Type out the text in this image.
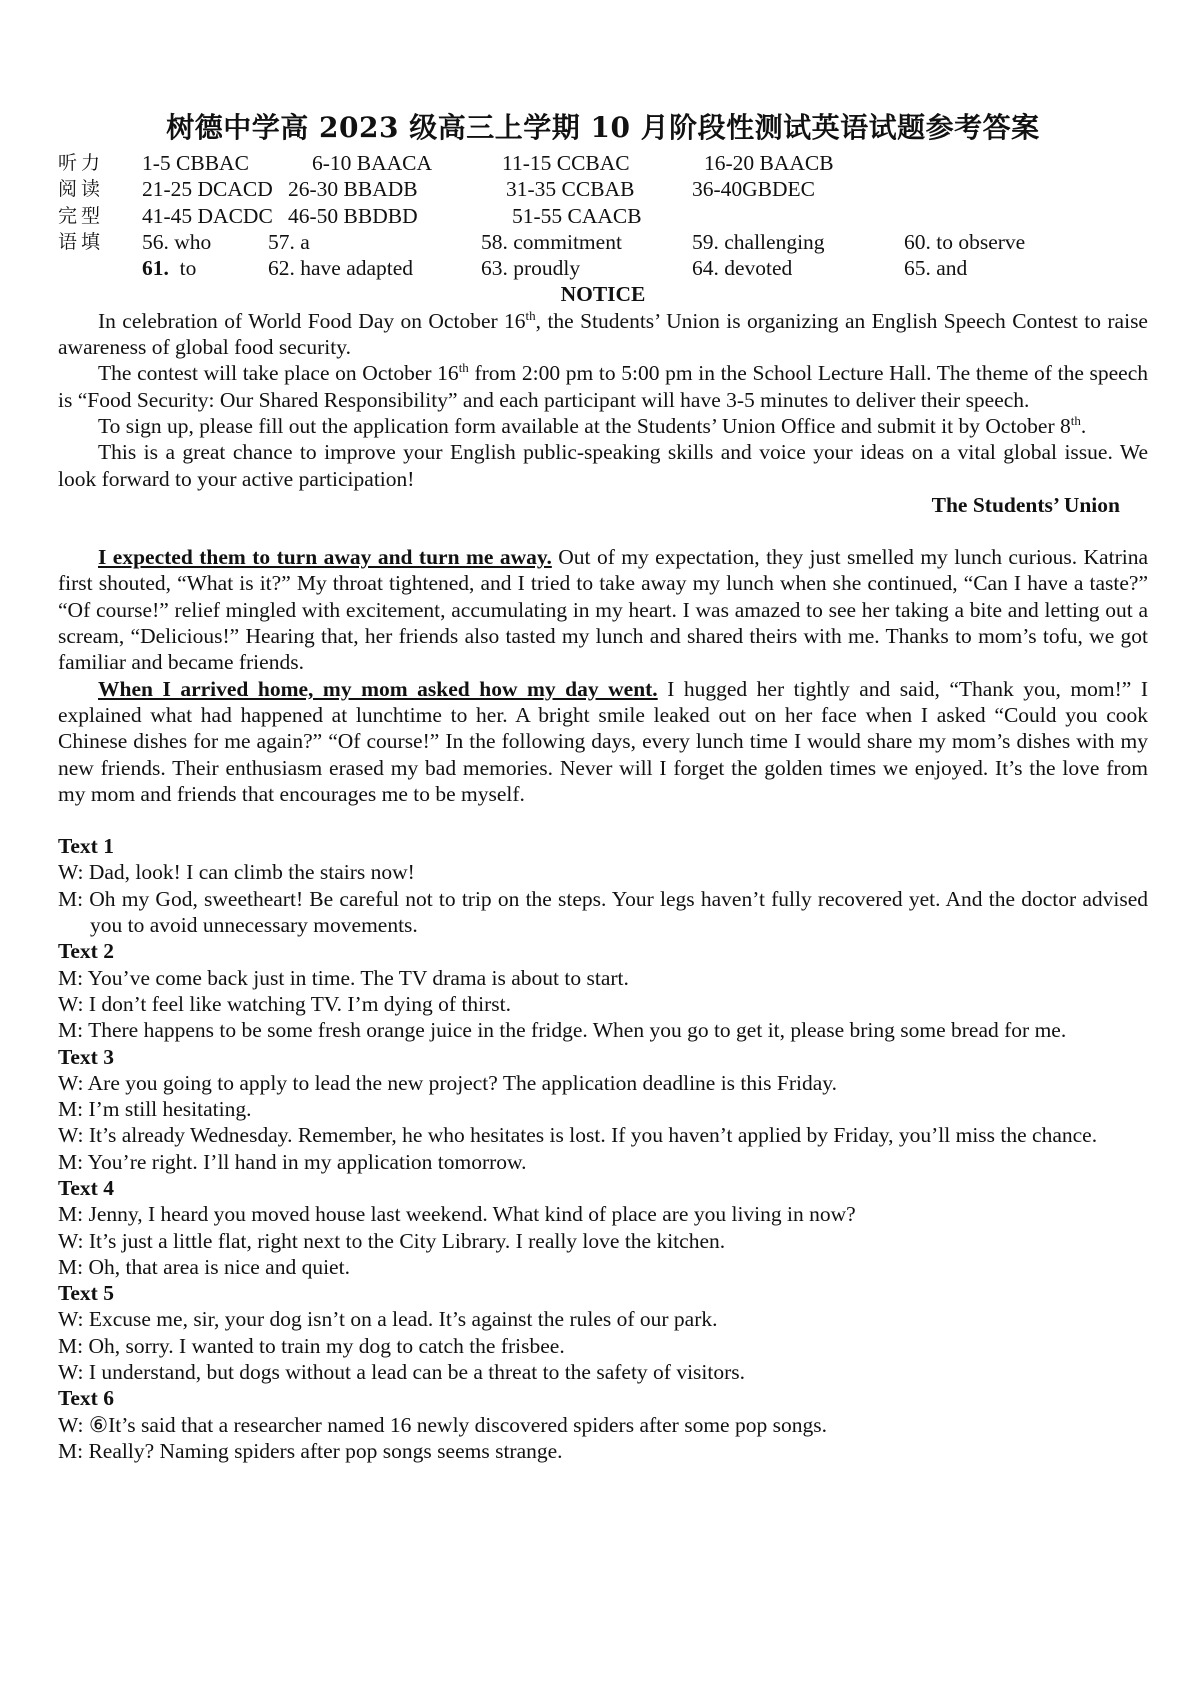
树德中学高 2023 级高三上学期 10 月阶段性测试英语试题参考答案
听力 1-5 CBBAC	6-10 BAACA	11-15 CCBAC	16-20 BAACB
阅读 21-25 DCACD 26-30 BBADB	31-35 CCBAB	36-40GBDEC
完型 41-45 DACDC 46-50 BBDBD	51-55 CAACB
语填 56. who	57. a	58. commitment	59. challenging	60. to observe
61. to	62. have adapted	63. proudly	64. devoted	65. and
NOTICE

In celebration of World Food Day on October 16th, the Students’ Union is organizing an English Speech Contest to raise awareness of global food security.

The contest will take place on October 16th from 2:00 pm to 5:00 pm in the School Lecture Hall. The theme of the speech is “Food Security: Our Shared Responsibility” and each participant will have 3-5 minutes to deliver their speech.

To sign up, please fill out the application form available at the Students’ Union Office and submit it by October 8th.

This is a great chance to improve your English public-speaking skills and voice your ideas on a vital global issue. We look forward to your active participation!

The Students’ Union

I expected them to turn away and turn me away. Out of my expectation, they just smelled my lunch curious. Katrina first shouted, “What is it?” My throat tightened, and I tried to take away my lunch when she continued, “Can I have a taste?” “Of course!” relief mingled with excitement, accumulating in my heart. I was amazed to see her taking a bite and letting out a scream, “Delicious!” Hearing that, her friends also tasted my lunch and shared theirs with me. Thanks to mom’s tofu, we got familiar and became friends.

When I arrived home, my mom asked how my day went. I hugged her tightly and said, “Thank you, mom!” I explained what had happened at lunchtime to her. A bright smile leaked out on her face when I asked “Could you cook Chinese dishes for me again?” “Of course!” In the following days, every lunch time I would share my mom’s dishes with my new friends. Their enthusiasm erased my bad memories. Never will I forget the golden times we enjoyed. It’s the love from my mom and friends that encourages me to be myself.

Text 1
W: Dad, look! I can climb the stairs now!
M: Oh my God, sweetheart! Be careful not to trip on the steps. Your legs haven’t fully recovered yet. And the doctor advised you to avoid unnecessary movements.
Text 2
M: You’ve come back just in time. The TV drama is about to start.
W: I don’t feel like watching TV. I’m dying of thirst.
M: There happens to be some fresh orange juice in the fridge. When you go to get it, please bring some bread for me.
Text 3
W: Are you going to apply to lead the new project? The application deadline is this Friday.
M: I’m still hesitating.
W: It’s already Wednesday. Remember, he who hesitates is lost. If you haven’t applied by Friday, you’ll miss the chance.
M: You’re right. I’ll hand in my application tomorrow.
Text 4
M: Jenny, I heard you moved house last weekend. What kind of place are you living in now?
W: It’s just a little flat, right next to the City Library. I really love the kitchen.
M: Oh, that area is nice and quiet.
Text 5
W: Excuse me, sir, your dog isn’t on a lead. It’s against the rules of our park.
M: Oh, sorry. I wanted to train my dog to catch the frisbee.
W: I understand, but dogs without a lead can be a threat to the safety of visitors.
Text 6
W: ⑥It’s said that a researcher named 16 newly discovered spiders after some pop songs.
M: Really? Naming spiders after pop songs seems strange.
